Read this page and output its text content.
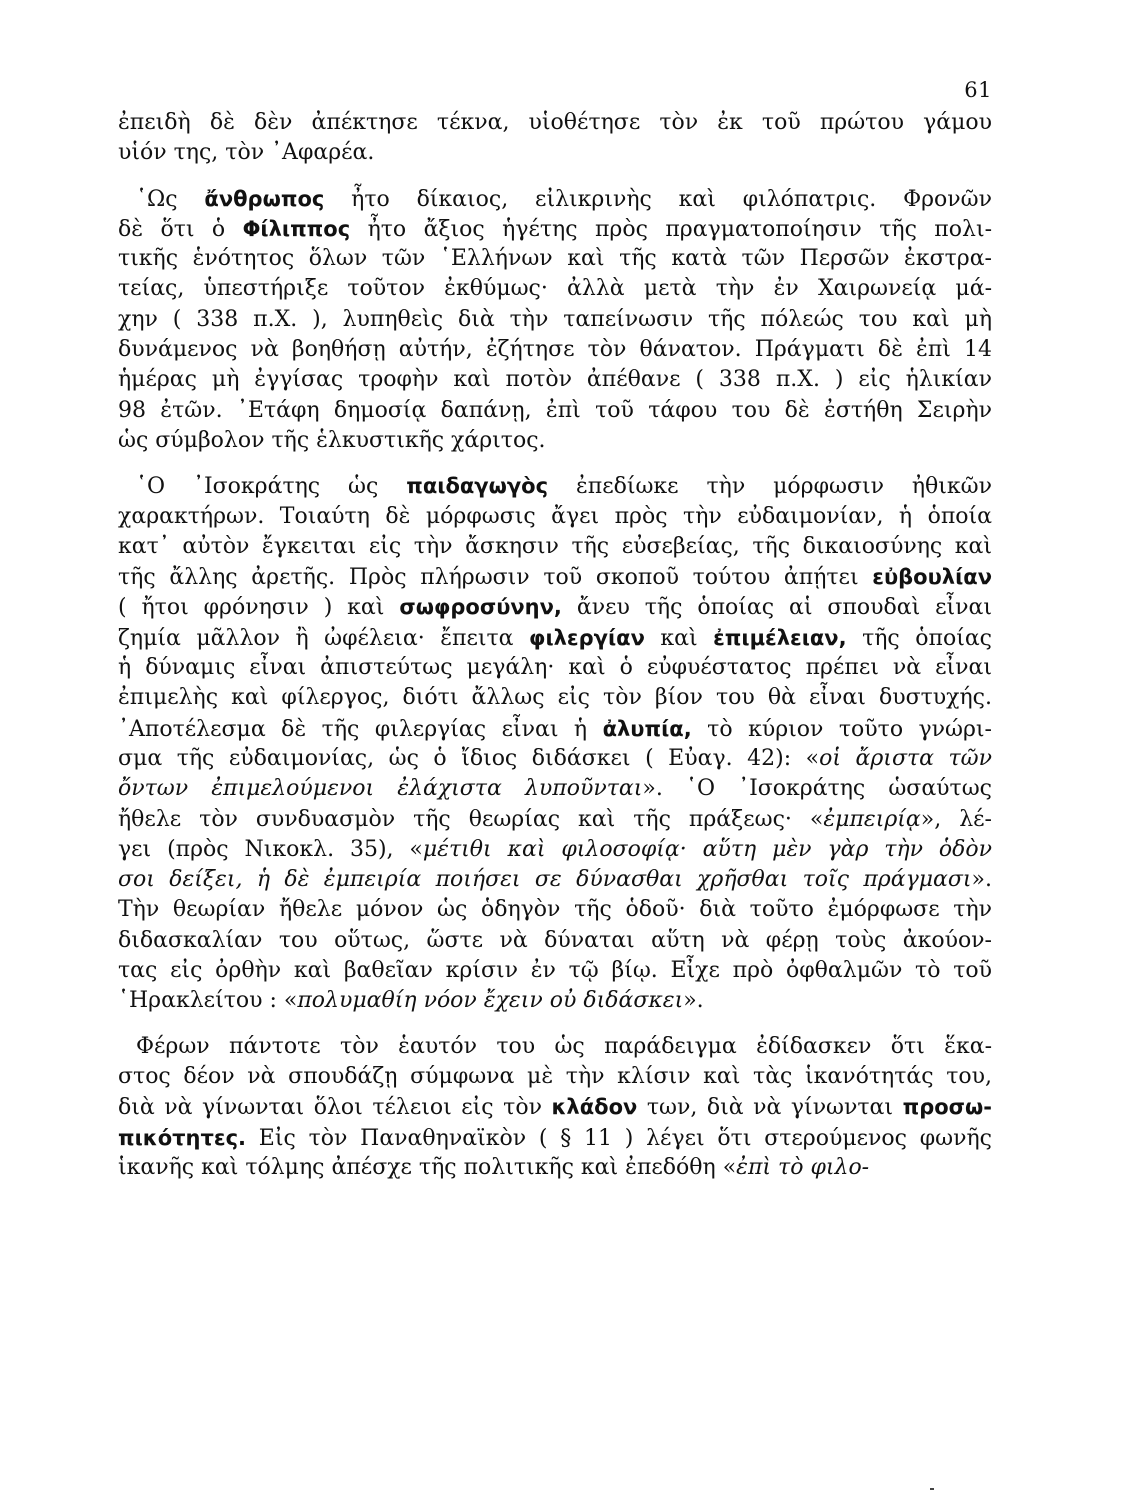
61
ἐπειδὴ δὲ δὲν ἀπέκτησε τέκνα, υἱοθέτησε τὸν ἐκ τοῦ πρώτου γάμου
υἱόν της, τὸν ᾿Αφαρέα.
῾Ως ἄνθρωπος ἦτο δίκαιος, εἰλικρινὴς καὶ φιλόπατρις. Φρονῶν
δὲ ὅτι ὁ Φίλιππος ἦτο ἄξιος ἡγέτης πρὸς πραγματοποίησιν τῆς πολι-
τικῆς ἑνότητος ὅλων τῶν ῾Ελλήνων καὶ τῆς κατὰ τῶν Περσῶν ἐκστρα-
τείας, ὑπεστήριξε τοῦτον ἐκθύμως· ἀλλὰ μετὰ τὴν ἐν Χαιρωνείᾳ μά-
χην ( 338 π.Χ. ), λυπηθεὶς διὰ τὴν ταπείνωσιν τῆς πόλεώς του καὶ μὴ
δυνάμενος νὰ βοηθήσῃ αὐτήν, ἐζήτησε τὸν θάνατον. Πράγματι δὲ ἐπὶ 14
ἡμέρας μὴ ἐγγίσας τροφὴν καὶ ποτὸν ἀπέθανε ( 338 π.Χ. ) εἰς ἡλικίαν
98 ἐτῶν. ᾿Ετάφη δημοσίᾳ δαπάνῃ, ἐπὶ τοῦ τάφου του δὲ ἐστήθη Σειρὴν
ὡς σύμβολον τῆς ἑλκυστικῆς χάριτος.
῾Ο ᾿Ισοκράτης ὡς παιδαγωγὸς ἐπεδίωκε τὴν μόρφωσιν ἠθικῶν
χαρακτήρων. Τοιαύτη δὲ μόρφωσις ἄγει πρὸς τὴν εὐδαιμονίαν, ἡ ὁποία
κατ᾿ αὐτὸν ἔγκειται εἰς τὴν ἄσκησιν τῆς εὐσεβείας, τῆς δικαιοσύνης καὶ
τῆς ἄλλης ἀρετῆς. Πρὸς πλήρωσιν τοῦ σκοποῦ τούτου ἀπῄτει εὐβουλίαν
( ἤτοι φρόνησιν ) καὶ σωφροσύνην, ἄνευ τῆς ὁποίας αἱ σπουδαὶ εἶναι
ζημία μᾶλλον ἢ ὠφέλεια· ἔπειτα φιλεργίαν καὶ ἐπιμέλειαν, τῆς ὁποίας
ἡ δύναμις εἶναι ἀπιστεύτως μεγάλη· καὶ ὁ εὐφυέστατος πρέπει νὰ εἶναι
ἐπιμελὴς καὶ φίλεργος, διότι ἄλλως εἰς τὸν βίον του θὰ εἶναι δυστυχής.
᾿Αποτέλεσμα δὲ τῆς φιλεργίας εἶναι ἡ ἀλυπία, τὸ κύριον τοῦτο γνώρι-
σμα τῆς εὐδαιμονίας, ὡς ὁ ἴδιος διδάσκει ( Εὐαγ. 42): «οἱ ἄριστα τῶν
ὄντων ἐπιμελούμενοι ἐλάχιστα λυποῦνται». ῾Ο ᾿Ισοκράτης ὡσαύτως
ἤθελε τὸν συνδυασμὸν τῆς θεωρίας καὶ τῆς πράξεως· «ἐμπειρίᾳ», λέ-
γει (πρὸς Νικοκλ. 35), «μέτιθι καὶ φιλοσοφίᾳ· αὕτη μὲν γὰρ τὴν ὁδὸν
σοι δείξει, ἡ δὲ ἐμπειρία ποιήσει σε δύνασθαι χρῆσθαι τοῖς πράγμασι».
Τὴν θεωρίαν ἤθελε μόνον ὡς ὁδηγὸν τῆς ὁδοῦ· διὰ τοῦτο ἐμόρφωσε τὴν
διδασκαλίαν του οὕτως, ὥστε νὰ δύναται αὕτη νὰ φέρῃ τοὺς ἀκούον-
τας εἰς ὀρθὴν καὶ βαθεῖαν κρίσιν ἐν τῷ βίῳ. Εἶχε πρὸ ὀφθαλμῶν τὸ τοῦ
῾Ηρακλείτου : «πολυμαθίη νόον ἔχειν οὐ διδάσκει».
Φέρων πάντοτε τὸν ἑαυτόν του ὡς παράδειγμα ἐδίδασκεν ὅτι ἕκα-
στος δέον νὰ σπουδάζῃ σύμφωνα μὲ τὴν κλίσιν καὶ τὰς ἱκανότητάς του,
διὰ νὰ γίνωνται ὅλοι τέλειοι εἰς τὸν κλάδον των, διὰ νὰ γίνωνται προσω-
πικότητες. Εἰς τὸν Παναθηναϊκὸν ( § 11 ) λέγει ὅτι στερούμενος φωνῆς
ἱκανῆς καὶ τόλμης ἀπέσχε τῆς πολιτικῆς καὶ ἐπεδόθη «ἐπὶ τὸ φιλο-
